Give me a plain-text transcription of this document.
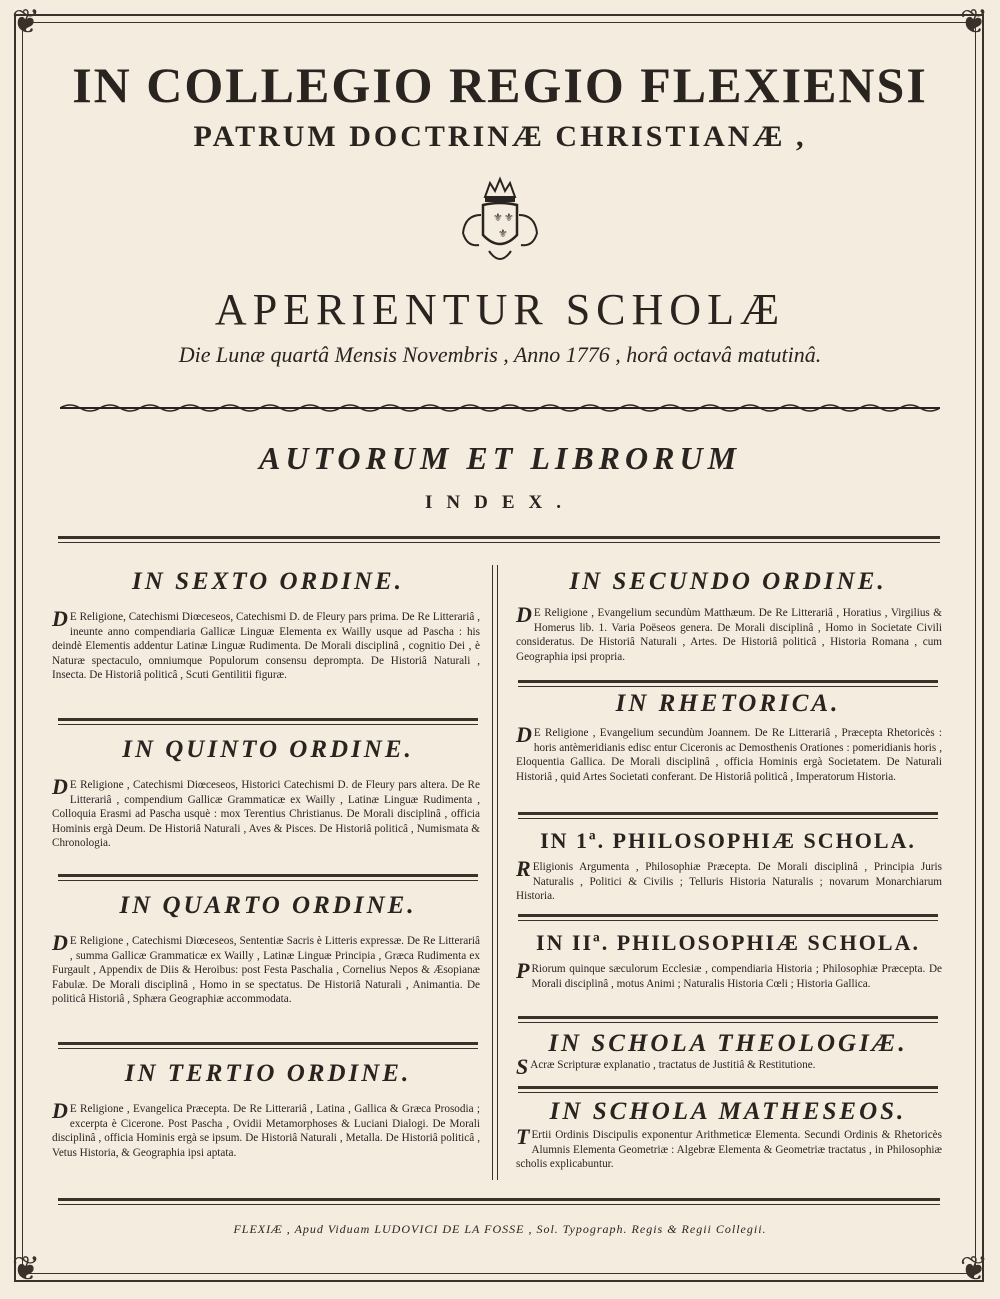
❦	❦
❦	❦
IN COLLEGIO REGIO FLEXIENSI
PATRUM DOCTRINÆ CHRISTIANÆ ,
⚜ ⚜
⚜
APERIENTUR SCHOLÆ
Die Lunæ quartâ Mensis Novembris , Anno 1776 , horâ octavâ matutinâ.
AUTORUM ET LIBRORUM
INDEX.
IN SEXTO ORDINE.
D E Religione, Catechismi Diœceseos, Catechismi D. de Fleury pars prima. De Re Litterariâ , ineunte anno compendiaria Gallicæ Linguæ Elementa ex Wailly usque ad Pascha : his deindè Elementis addentur Latinæ Linguæ Rudimenta. De Morali disciplinâ , cognitio Dei , è Naturæ spectaculo, omniumque Populorum consensu deprompta. De Historiâ Naturali , Insecta. De Historiâ politicâ , Scuti Gentilitii figuræ.
IN QUINTO ORDINE.
D E Religione , Catechismi Diœceseos, Historici Catechismi D. de Fleury pars altera. De Re Litterariâ , compendium Gallicæ Grammaticæ ex Wailly , Latinæ Linguæ Rudimenta , Colloquia Erasmi ad Pascha usquè : mox Terentius Christianus. De Morali disciplinâ , officia Hominis ergà Deum. De Historiâ Naturali , Aves & Pisces. De Historiâ politicâ , Numismata & Chronologia.
IN QUARTO ORDINE.
D E Religione , Catechismi Diœceseos, Sententiæ Sacris è Litteris expressæ. De Re Litterariâ , summa Gallicæ Grammaticæ ex Wailly , Latinæ Linguæ Principia , Græca Rudimenta ex Furgault , Appendix de Diis & Heroibus: post Festa Paschalia , Cornelius Nepos & Æsopianæ Fabulæ. De Morali disciplinâ , Homo in se spectatus. De Historiâ Naturali , Animantia. De politicâ Historiâ , Sphæra Geographiæ accommodata.
IN TERTIO ORDINE.
D E Religione , Evangelica Præcepta. De Re Litterariâ , Latina , Gallica & Græca Prosodia ; excerpta è Cicerone. Post Pascha , Ovidii Metamorphoses & Luciani Dialogi. De Morali disciplinâ , officia Hominis ergà se ipsum. De Historiâ Naturali , Metalla. De Historiâ politicâ , Vetus Historia, & Geographia ipsi aptata.
IN SECUNDO ORDINE.
D E Religione , Evangelium secundùm Matthæum. De Re Litterariâ , Horatius , Virgilius & Homerus lib. 1. Varia Poëseos genera. De Morali disciplinâ , Homo in Societate Civili consideratus. De Historiâ Naturali , Artes. De Historiâ politicâ , Historia Romana , cum Geographia ipsi propria.
IN RHETORICA.
D E Religione , Evangelium secundùm Joannem. De Re Litterariâ , Præcepta Rhetoricès : horis antèmeridianis edisc entur Ciceronis ac Demosthenis Orationes : pomeridianis horis , Eloquentia Gallica. De Morali disciplinâ , officia Hominis ergà Societatem. De Naturali Historiâ , quid Artes Societati conferant. De Historiâ politicâ , Imperatorum Historia.
IN 1ª. PHILOSOPHIÆ SCHOLA.
R Eligionis Argumenta , Philosophiæ Præcepta. De Morali disciplinâ , Principia Juris Naturalis , Politici & Civilis ; Telluris Historia Naturalis ; novarum Monarchiarum Historia.
IN IIª. PHILOSOPHIÆ SCHOLA.
P Riorum quinque sæculorum Ecclesiæ , compendiaria Historia ; Philosophiæ Præcepta. De Morali disciplinâ , motus Animi ; Naturalis Historia Cœli ; Historia Gallica.
IN SCHOLA THEOLOGIÆ.
S Acræ Scripturæ explanatio , tractatus de Justitiâ & Restitutione.
IN SCHOLA MATHESEOS.
T Ertii Ordinis Discipulis exponentur Arithmeticæ Elementa. Secundi Ordinis & Rhetoricès Alumnis Elementa Geometriæ : Algebræ Elementa & Geometriæ tractatus , in Philosophiæ scholis explicabuntur.
FLEXIÆ , Apud Viduam LUDOVICI DE LA FOSSE , Sol. Typograph. Regis & Regii Collegii.
